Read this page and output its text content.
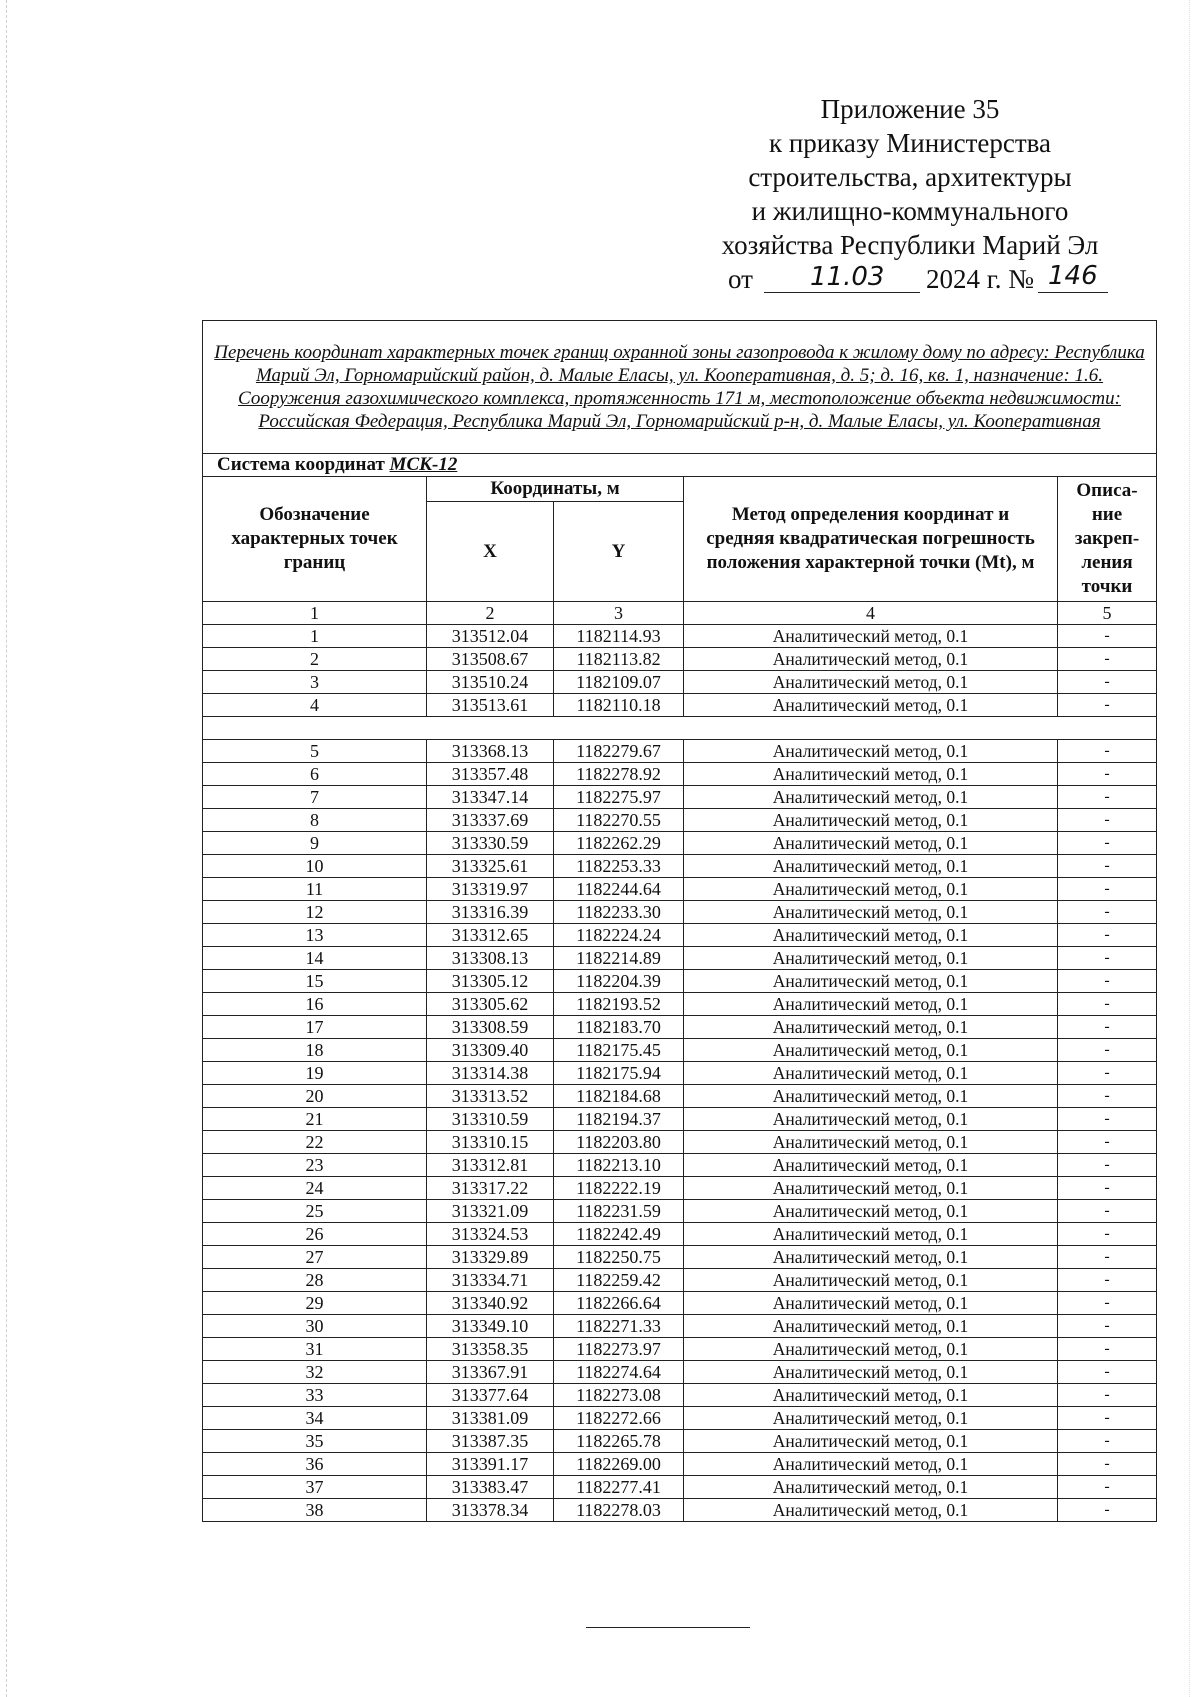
Приложение 35
к приказу Министерства
строительства, архитектуры
и жилищно-коммунального
хозяйства Республики Марий Эл
от 11.03 2024 г. № 146
Перечень координат характерных точек границ охранной зоны газопровода к жилому дому по адресу: Республика Марий Эл, Горномарийский район, д. Малые Еласы, ул. Кооперативная, д. 5; д. 16, кв. 1, назначение: 1.6. Сооружения газохимического комплекса, протяженность 171 м, местоположение объекта недвижимости: Российская Федерация, Республика Марий Эл, Горномарийский р-н, д. Малые Еласы, ул. Кооперативная				
Система координат МСК-12				
Обозначение характерных точек границ	Координаты, м		Метод определения координат и средняя квадратическая погрешность положения характерной точки (Mt), м	Описа-ние закреп-ления точки
	X	Y		
1	2	3	4	5
1	313512.04	1182114.93	Аналитический метод, 0.1	-
2	313508.67	1182113.82	Аналитический метод, 0.1	-
3	313510.24	1182109.07	Аналитический метод, 0.1	-
4	313513.61	1182110.18	Аналитический метод, 0.1	-

5	313368.13	1182279.67	Аналитический метод, 0.1	-
6	313357.48	1182278.92	Аналитический метод, 0.1	-
7	313347.14	1182275.97	Аналитический метод, 0.1	-
8	313337.69	1182270.55	Аналитический метод, 0.1	-
9	313330.59	1182262.29	Аналитический метод, 0.1	-
10	313325.61	1182253.33	Аналитический метод, 0.1	-
11	313319.97	1182244.64	Аналитический метод, 0.1	-
12	313316.39	1182233.30	Аналитический метод, 0.1	-
13	313312.65	1182224.24	Аналитический метод, 0.1	-
14	313308.13	1182214.89	Аналитический метод, 0.1	-
15	313305.12	1182204.39	Аналитический метод, 0.1	-
16	313305.62	1182193.52	Аналитический метод, 0.1	-
17	313308.59	1182183.70	Аналитический метод, 0.1	-
18	313309.40	1182175.45	Аналитический метод, 0.1	-
19	313314.38	1182175.94	Аналитический метод, 0.1	-
20	313313.52	1182184.68	Аналитический метод, 0.1	-
21	313310.59	1182194.37	Аналитический метод, 0.1	-
22	313310.15	1182203.80	Аналитический метод, 0.1	-
23	313312.81	1182213.10	Аналитический метод, 0.1	-
24	313317.22	1182222.19	Аналитический метод, 0.1	-
25	313321.09	1182231.59	Аналитический метод, 0.1	-
26	313324.53	1182242.49	Аналитический метод, 0.1	-
27	313329.89	1182250.75	Аналитический метод, 0.1	-
28	313334.71	1182259.42	Аналитический метод, 0.1	-
29	313340.92	1182266.64	Аналитический метод, 0.1	-
30	313349.10	1182271.33	Аналитический метод, 0.1	-
31	313358.35	1182273.97	Аналитический метод, 0.1	-
32	313367.91	1182274.64	Аналитический метод, 0.1	-
33	313377.64	1182273.08	Аналитический метод, 0.1	-
34	313381.09	1182272.66	Аналитический метод, 0.1	-
35	313387.35	1182265.78	Аналитический метод, 0.1	-
36	313391.17	1182269.00	Аналитический метод, 0.1	-
37	313383.47	1182277.41	Аналитический метод, 0.1	-
38	313378.34	1182278.03	Аналитический метод, 0.1	-
